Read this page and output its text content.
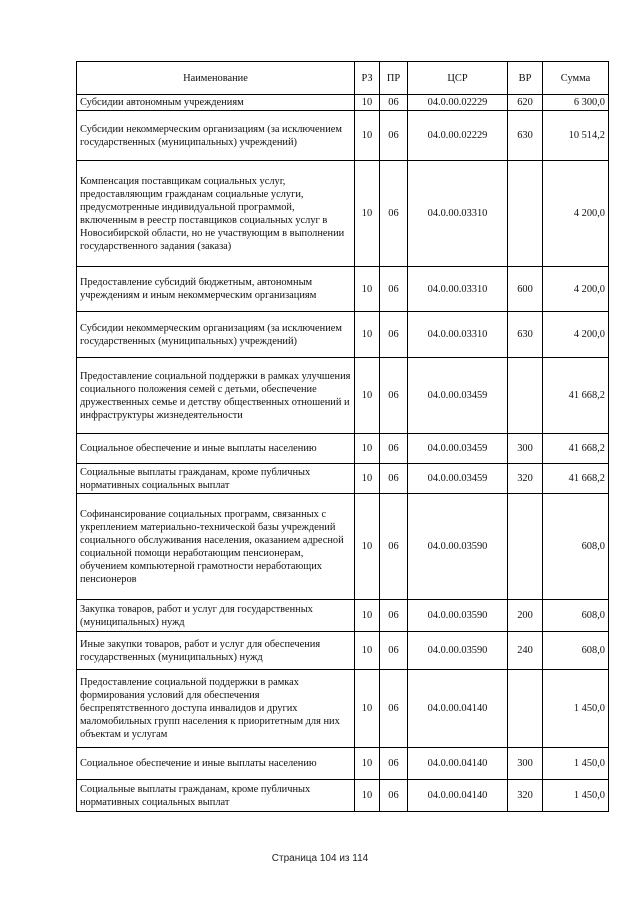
Наименование	РЗ	ПР	ЦСР	ВР	Сумма
Субсидии автономным учреждениям	10	06	04.0.00.02229	620	6 300,0
Субсидии некоммерческим организациям (за исключением государственных (муниципальных) учреждений)	10	06	04.0.00.02229	630	10 514,2
Компенсация поставщикам социальных услуг, предоставляющим гражданам социальные услуги, предусмотренные индивидуальной программой, включенным в реестр поставщиков социальных услуг в Новосибирской области, но не участвующим в выполнении государственного задания (заказа)	10	06	04.0.00.03310		4 200,0
Предоставление субсидий бюджетным, автономным учреждениям и иным некоммерческим организациям	10	06	04.0.00.03310	600	4 200,0
Субсидии некоммерческим организациям (за исключением государственных (муниципальных) учреждений)	10	06	04.0.00.03310	630	4 200,0
Предоставление социальной поддержки в рамках улучшения социального положения семей с детьми, обеспечение дружественных семье и детству общественных отношений и инфраструктуры жизнедеятельности	10	06	04.0.00.03459		41 668,2
Социальное обеспечение и иные выплаты населению	10	06	04.0.00.03459	300	41 668,2
Социальные выплаты гражданам, кроме публичных нормативных социальных выплат	10	06	04.0.00.03459	320	41 668,2
Софинансирование социальных программ, связанных с укреплением материально-технической базы учреждений социального обслуживания населения, оказанием адресной социальной помощи неработающим пенсионерам, обучением компьютерной грамотности неработающих пенсионеров	10	06	04.0.00.03590		608,0
Закупка товаров, работ и услуг для государственных (муниципальных) нужд	10	06	04.0.00.03590	200	608,0
Иные закупки товаров, работ и услуг для обеспечения государственных (муниципальных) нужд	10	06	04.0.00.03590	240	608,0
Предоставление социальной поддержки в рамках формирования условий для обеспечения беспрепятственного доступа инвалидов и других маломобильных групп населения к приоритетным для них объектам и услугам	10	06	04.0.00.04140		1 450,0
Социальное обеспечение и иные выплаты населению	10	06	04.0.00.04140	300	1 450,0
Социальные выплаты гражданам, кроме публичных нормативных социальных выплат	10	06	04.0.00.04140	320	1 450,0
Страница 104 из 114
